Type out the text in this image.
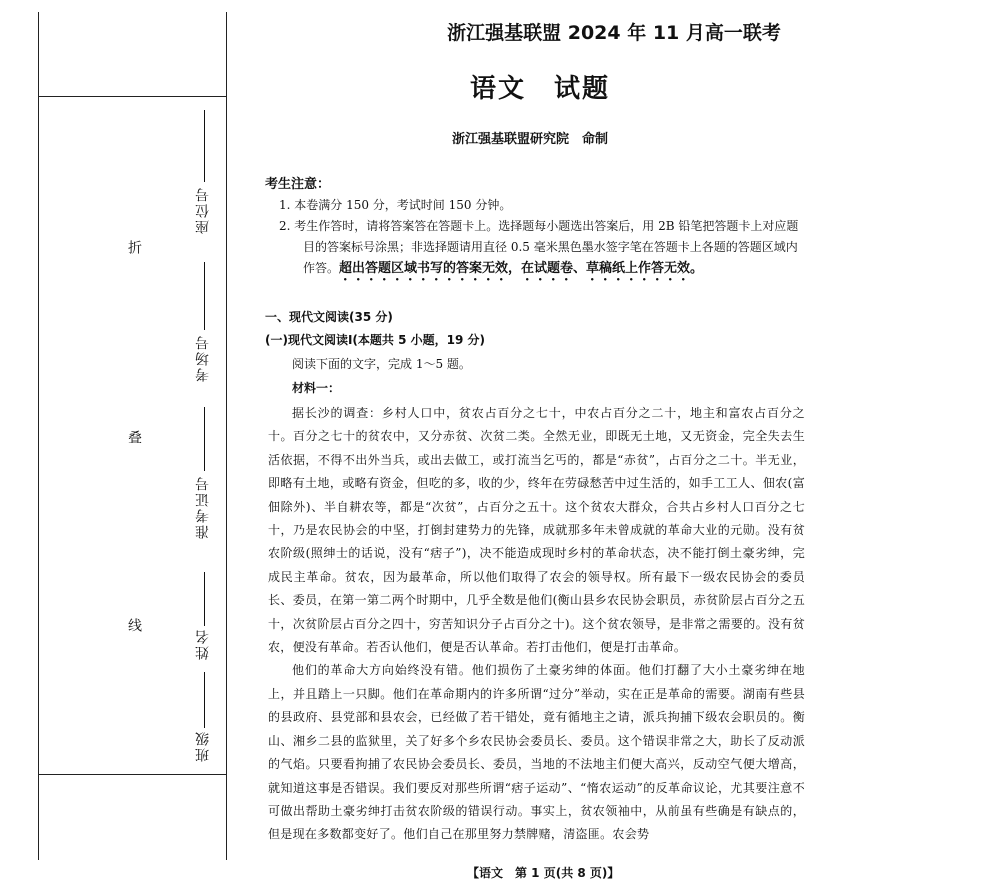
折
叠
线
座位号
考场号
准考证号
姓名
班级
浙江强基联盟 2024 年 11 月高一联考
语文　试题
浙江强基联盟研究院　命制
考生注意：
1. 本卷满分 150 分，考试时间 150 分钟。
2. 考生作答时，请将答案答在答题卡上。选择题每小题选出答案后，用 2B 铅笔把答题卡上对应题目的答案标号涂黑；非选择题请用直径 0.5 毫米黑色墨水签字笔在答题卡上各题的答题区域内作答。超出答题区域书写的答案无效，在试题卷、草稿纸上作答无效。
一、现代文阅读(35 分)
(一)现代文阅读Ⅰ(本题共 5 小题，19 分)
阅读下面的文字，完成 1～5 题。
材料一：

据长沙的调查：乡村人口中，贫农占百分之七十，中农占百分之二十，地主和富农占百分之十。百分之七十的贫农中，又分赤贫、次贫二类。全然无业，即既无土地，又无资金，完全失去生活依据，不得不出外当兵，或出去做工，或打流当乞丐的，都是“赤贫”，占百分之二十。半无业，即略有土地，或略有资金，但吃的多，收的少，终年在劳碌愁苦中过生活的，如手工工人、佃农(富佃除外)、半自耕农等，都是“次贫”，占百分之五十。这个贫农大群众，合共占乡村人口百分之七十，乃是农民协会的中坚，打倒封建势力的先锋，成就那多年未曾成就的革命大业的元勋。没有贫农阶级(照绅士的话说，没有“痞子”)，决不能造成现时乡村的革命状态，决不能打倒土豪劣绅，完成民主革命。贫农，因为最革命，所以他们取得了农会的领导权。所有最下一级农民协会的委员长、委员，在第一第二两个时期中，几乎全数是他们(衡山县乡农民协会职员，赤贫阶层占百分之五十，次贫阶层占百分之四十，穷苦知识分子占百分之十)。这个贫农领导，是非常之需要的。没有贫农，便没有革命。若否认他们，便是否认革命。若打击他们，便是打击革命。

他们的革命大方向始终没有错。他们损伤了土豪劣绅的体面。他们打翻了大小土豪劣绅在地上，并且踏上一只脚。他们在革命期内的许多所谓“过分”举动，实在正是革命的需要。湖南有些县的县政府、县党部和县农会，已经做了若干错处，竟有循地主之请，派兵拘捕下级农会职员的。衡山、湘乡二县的监狱里，关了好多个乡农民协会委员长、委员。这个错误非常之大，助长了反动派的气焰。只要看拘捕了农民协会委员长、委员，当地的不法地主们便大高兴，反动空气便大增高，就知道这事是否错误。我们要反对那些所谓“痞子运动”、“惰农运动”的反革命议论，尤其要注意不可做出帮助土豪劣绅打击贫农阶级的错误行动。事实上，贫农领袖中，从前虽有些确是有缺点的，但是现在多数都变好了。他们自己在那里努力禁牌赌，清盗匪。农会势

【语文　第 1 页(共 8 页)】
